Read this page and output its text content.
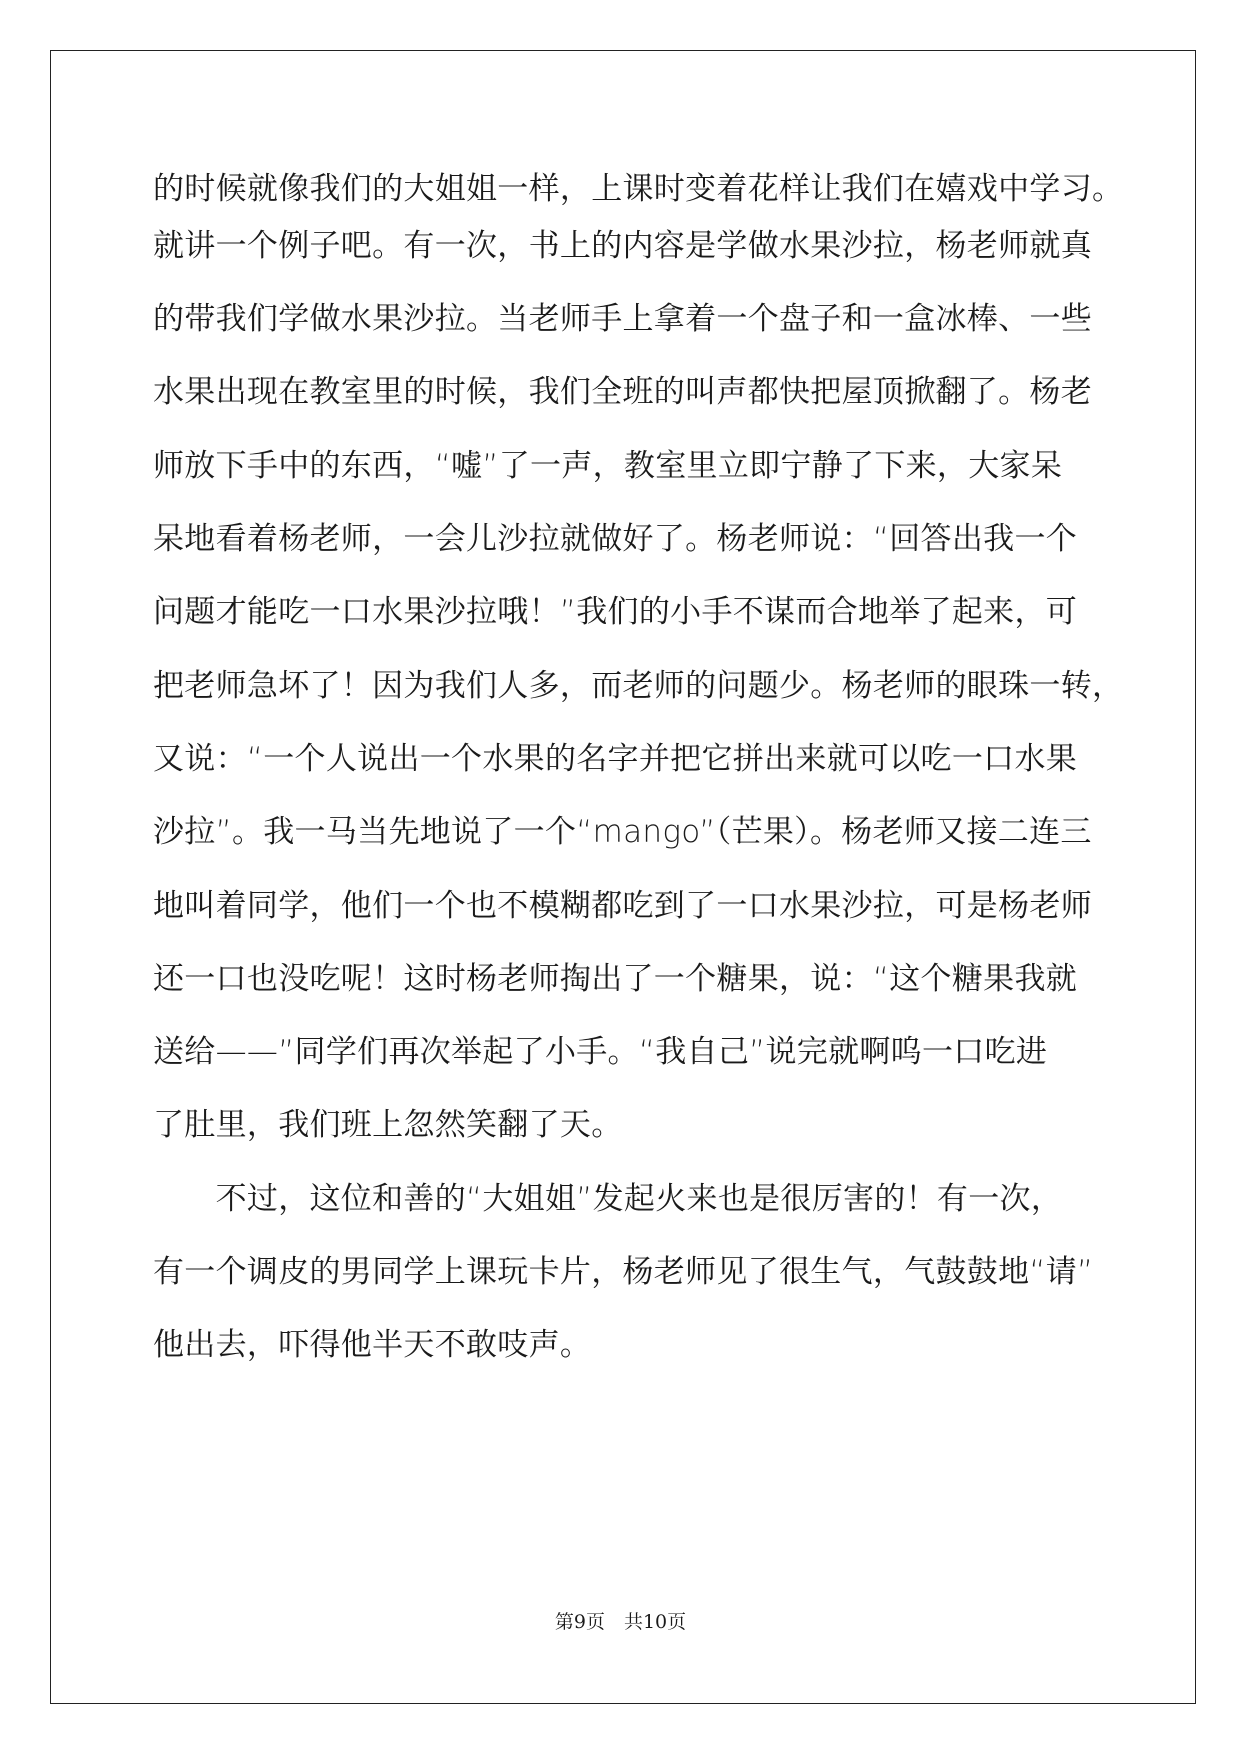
的时候就像我们的大姐姐一样，上课时变着花样让我们在嬉戏中学习。
就讲一个例子吧。有一次，书上的内容是学做水果沙拉，杨老师就真
的带我们学做水果沙拉。当老师手上拿着一个盘子和一盒冰棒、一些
水果出现在教室里的时候，我们全班的叫声都快把屋顶掀翻了。杨老
师放下手中的东西，“嘘”了一声，教室里立即宁静了下来，大家呆
呆地看着杨老师，一会儿沙拉就做好了。杨老师说：“回答出我一个
问题才能吃一口水果沙拉哦！”我们的小手不谋而合地举了起来，可
把老师急坏了！因为我们人多，而老师的问题少。杨老师的眼珠一转，
又说：“一个人说出一个水果的名字并把它拼出来就可以吃一口水果
沙拉”。我一马当先地说了一个“mango”（芒果）。杨老师又接二连三
地叫着同学，他们一个也不模糊都吃到了一口水果沙拉，可是杨老师
还一口也没吃呢！这时杨老师掏出了一个糖果，说：“这个糖果我就
送给——”同学们再次举起了小手。“我自己”说完就啊呜一口吃进
了肚里，我们班上忽然笑翻了天。
　　不过，这位和善的“大姐姐”发起火来也是很厉害的！有一次，
有一个调皮的男同学上课玩卡片，杨老师见了很生气，气鼓鼓地“请”
他出去，吓得他半天不敢吱声。
第9页　共10页
